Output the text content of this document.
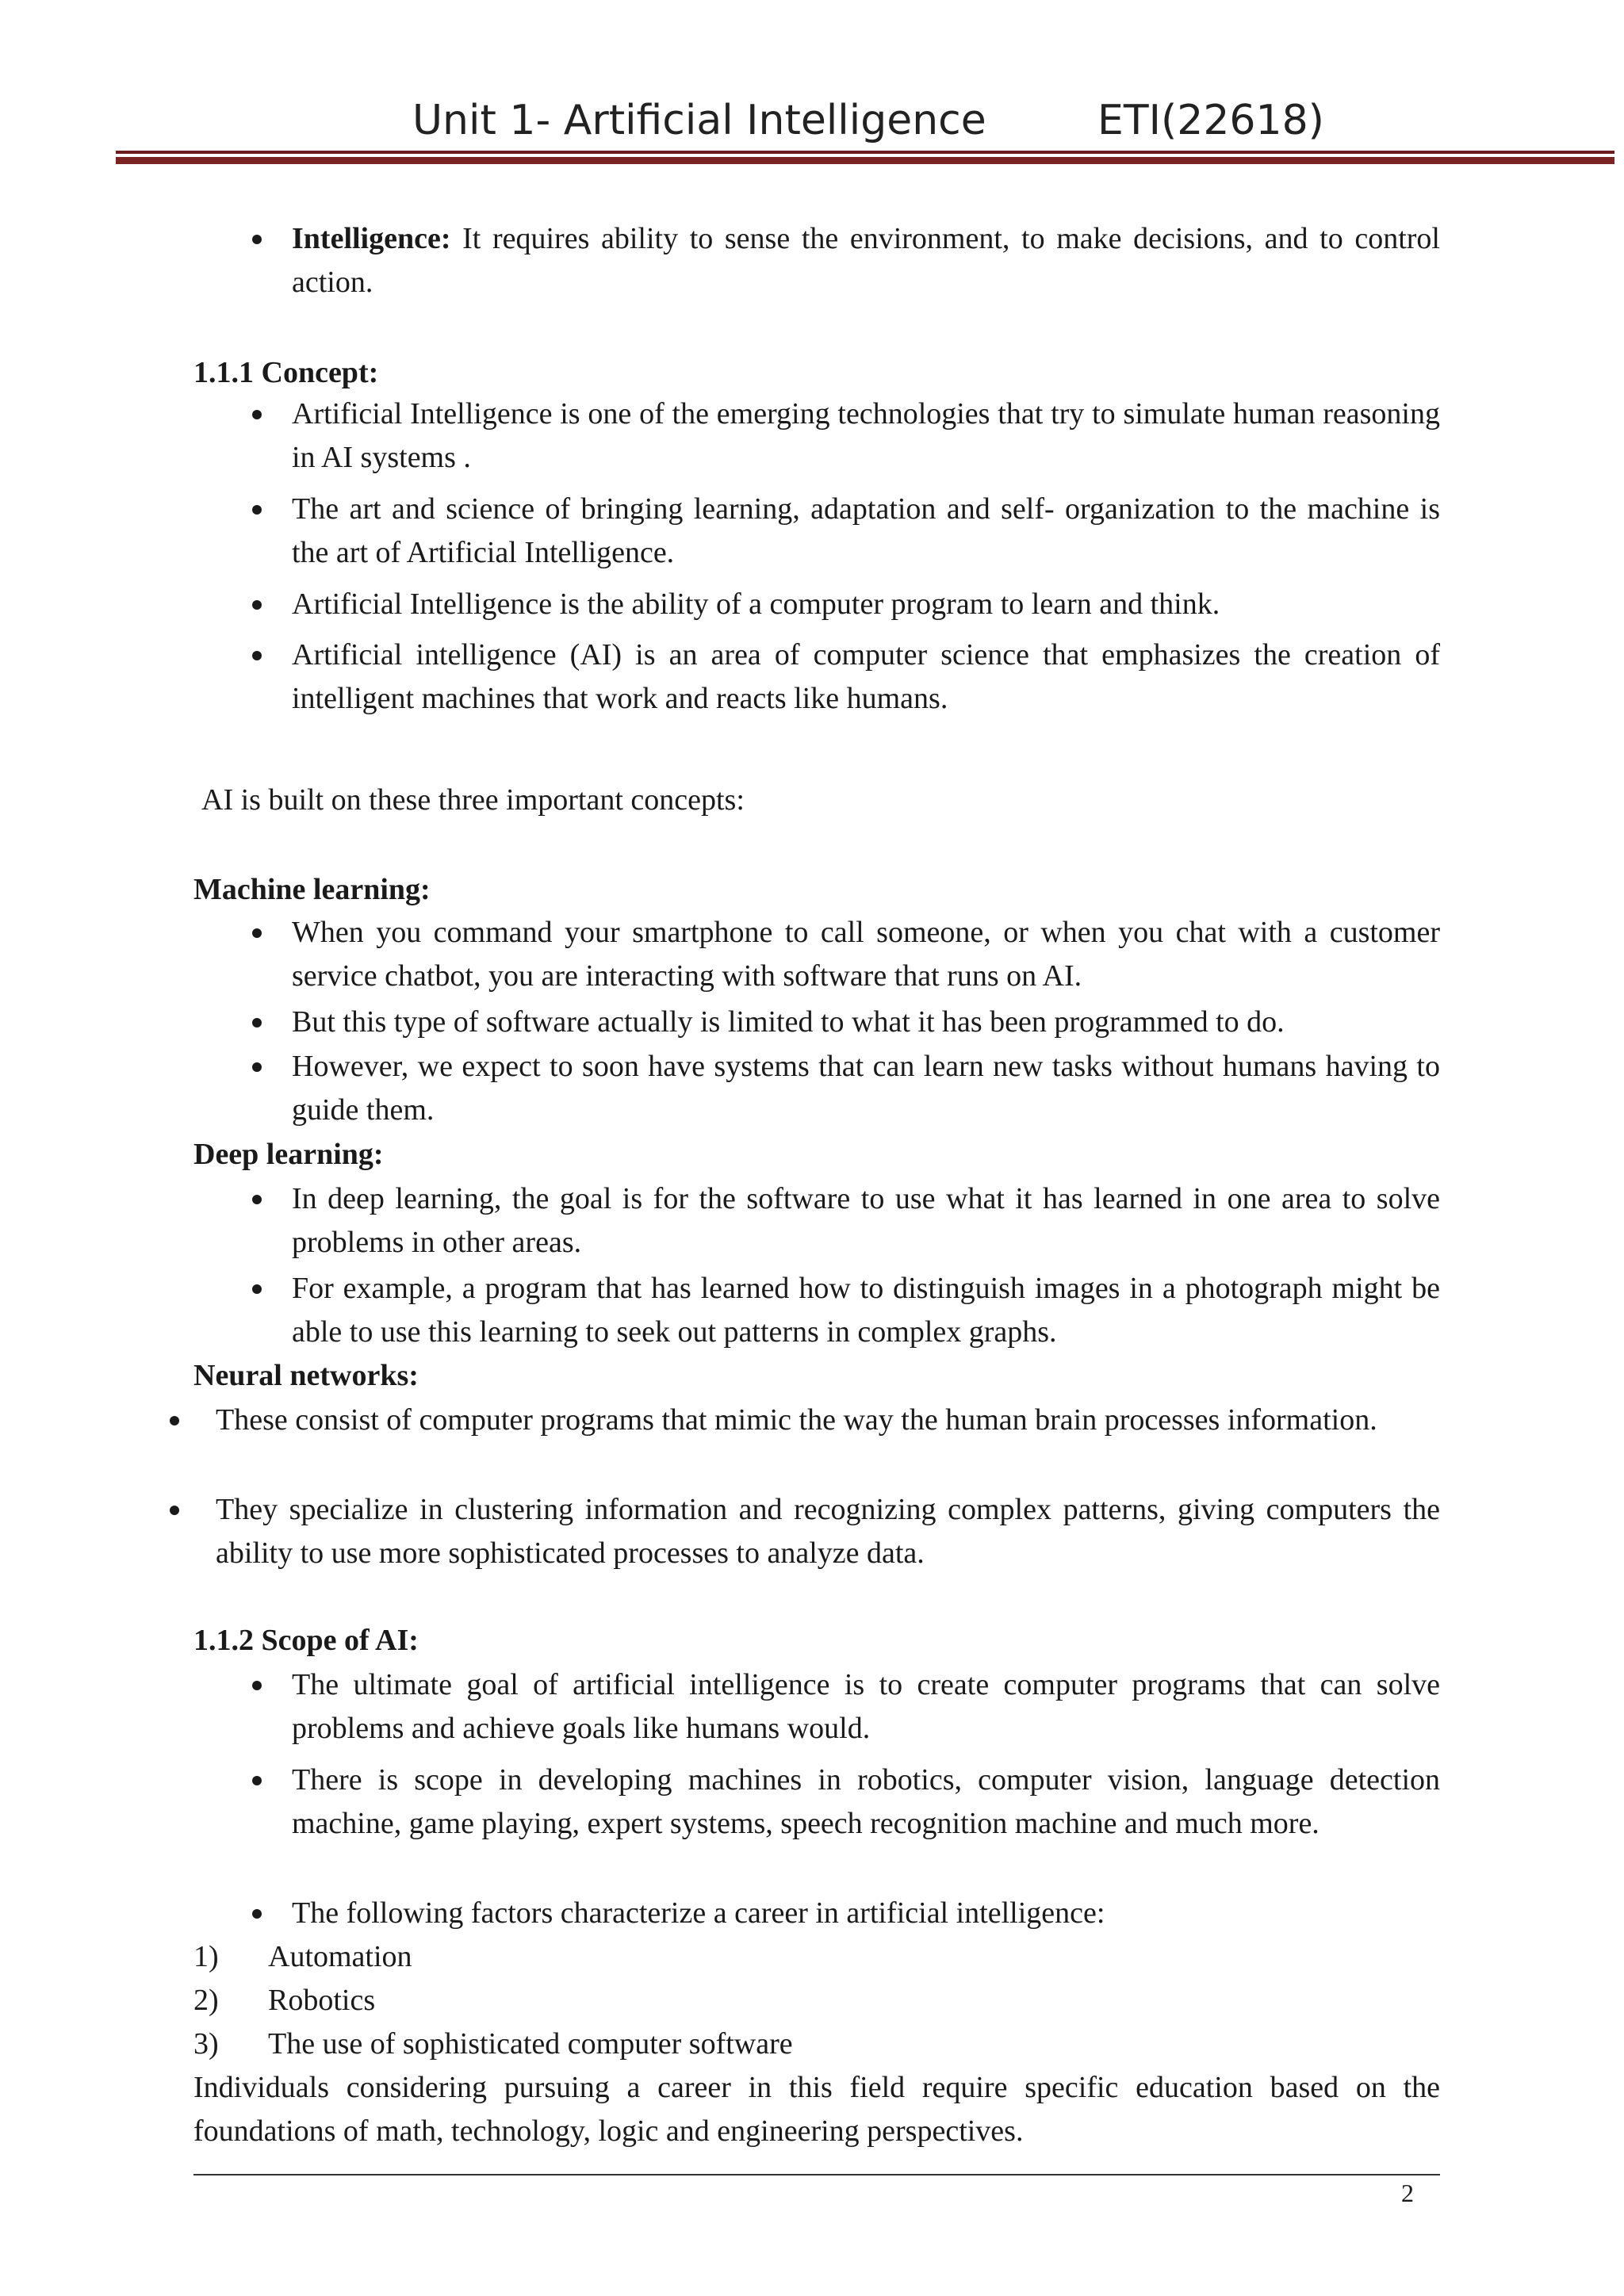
Unit 1- Artificial Intelligence	ETI(22618)
Intelligence: It requires ability to sense the environment, to make decisions, and to control action.
1.1.1 Concept:
Artificial Intelligence is one of the emerging technologies that try to simulate human reasoning in AI systems .
The art and science of bringing learning, adaptation and self- organization to the machine is the art of Artificial Intelligence.
Artificial Intelligence is the ability of a computer program to learn and think.
Artificial intelligence (AI) is an area of computer science that emphasizes the creation of intelligent machines that work and reacts like humans.
AI is built on these three important concepts:
Machine learning:
When you command your smartphone to call someone, or when you chat with a customer service chatbot, you are interacting with software that runs on AI.
But this type of software actually is limited to what it has been programmed to do.
However, we expect to soon have systems that can learn new tasks without humans having to guide them.
Deep learning:
In deep learning, the goal is for the software to use what it has learned in one area to solve problems in other areas.
For example, a program that has learned how to distinguish images in a photograph might be able to use this learning to seek out patterns in complex graphs.
Neural networks:
These consist of computer programs that mimic the way the human brain processes information.
They specialize in clustering information and recognizing complex patterns, giving computers the ability to use more sophisticated processes to analyze data.
1.1.2 Scope of AI:
The ultimate goal of artificial intelligence is to create computer programs that can solve problems and achieve goals like humans would.
There is scope in developing machines in robotics, computer vision, language detection machine, game playing, expert systems, speech recognition machine and much more.
The following factors characterize a career in artificial intelligence:
1) Automation
2) Robotics
3) The use of sophisticated computer software
Individuals considering pursuing a career in this field require specific education based on the foundations of math, technology, logic and engineering perspectives.
2
